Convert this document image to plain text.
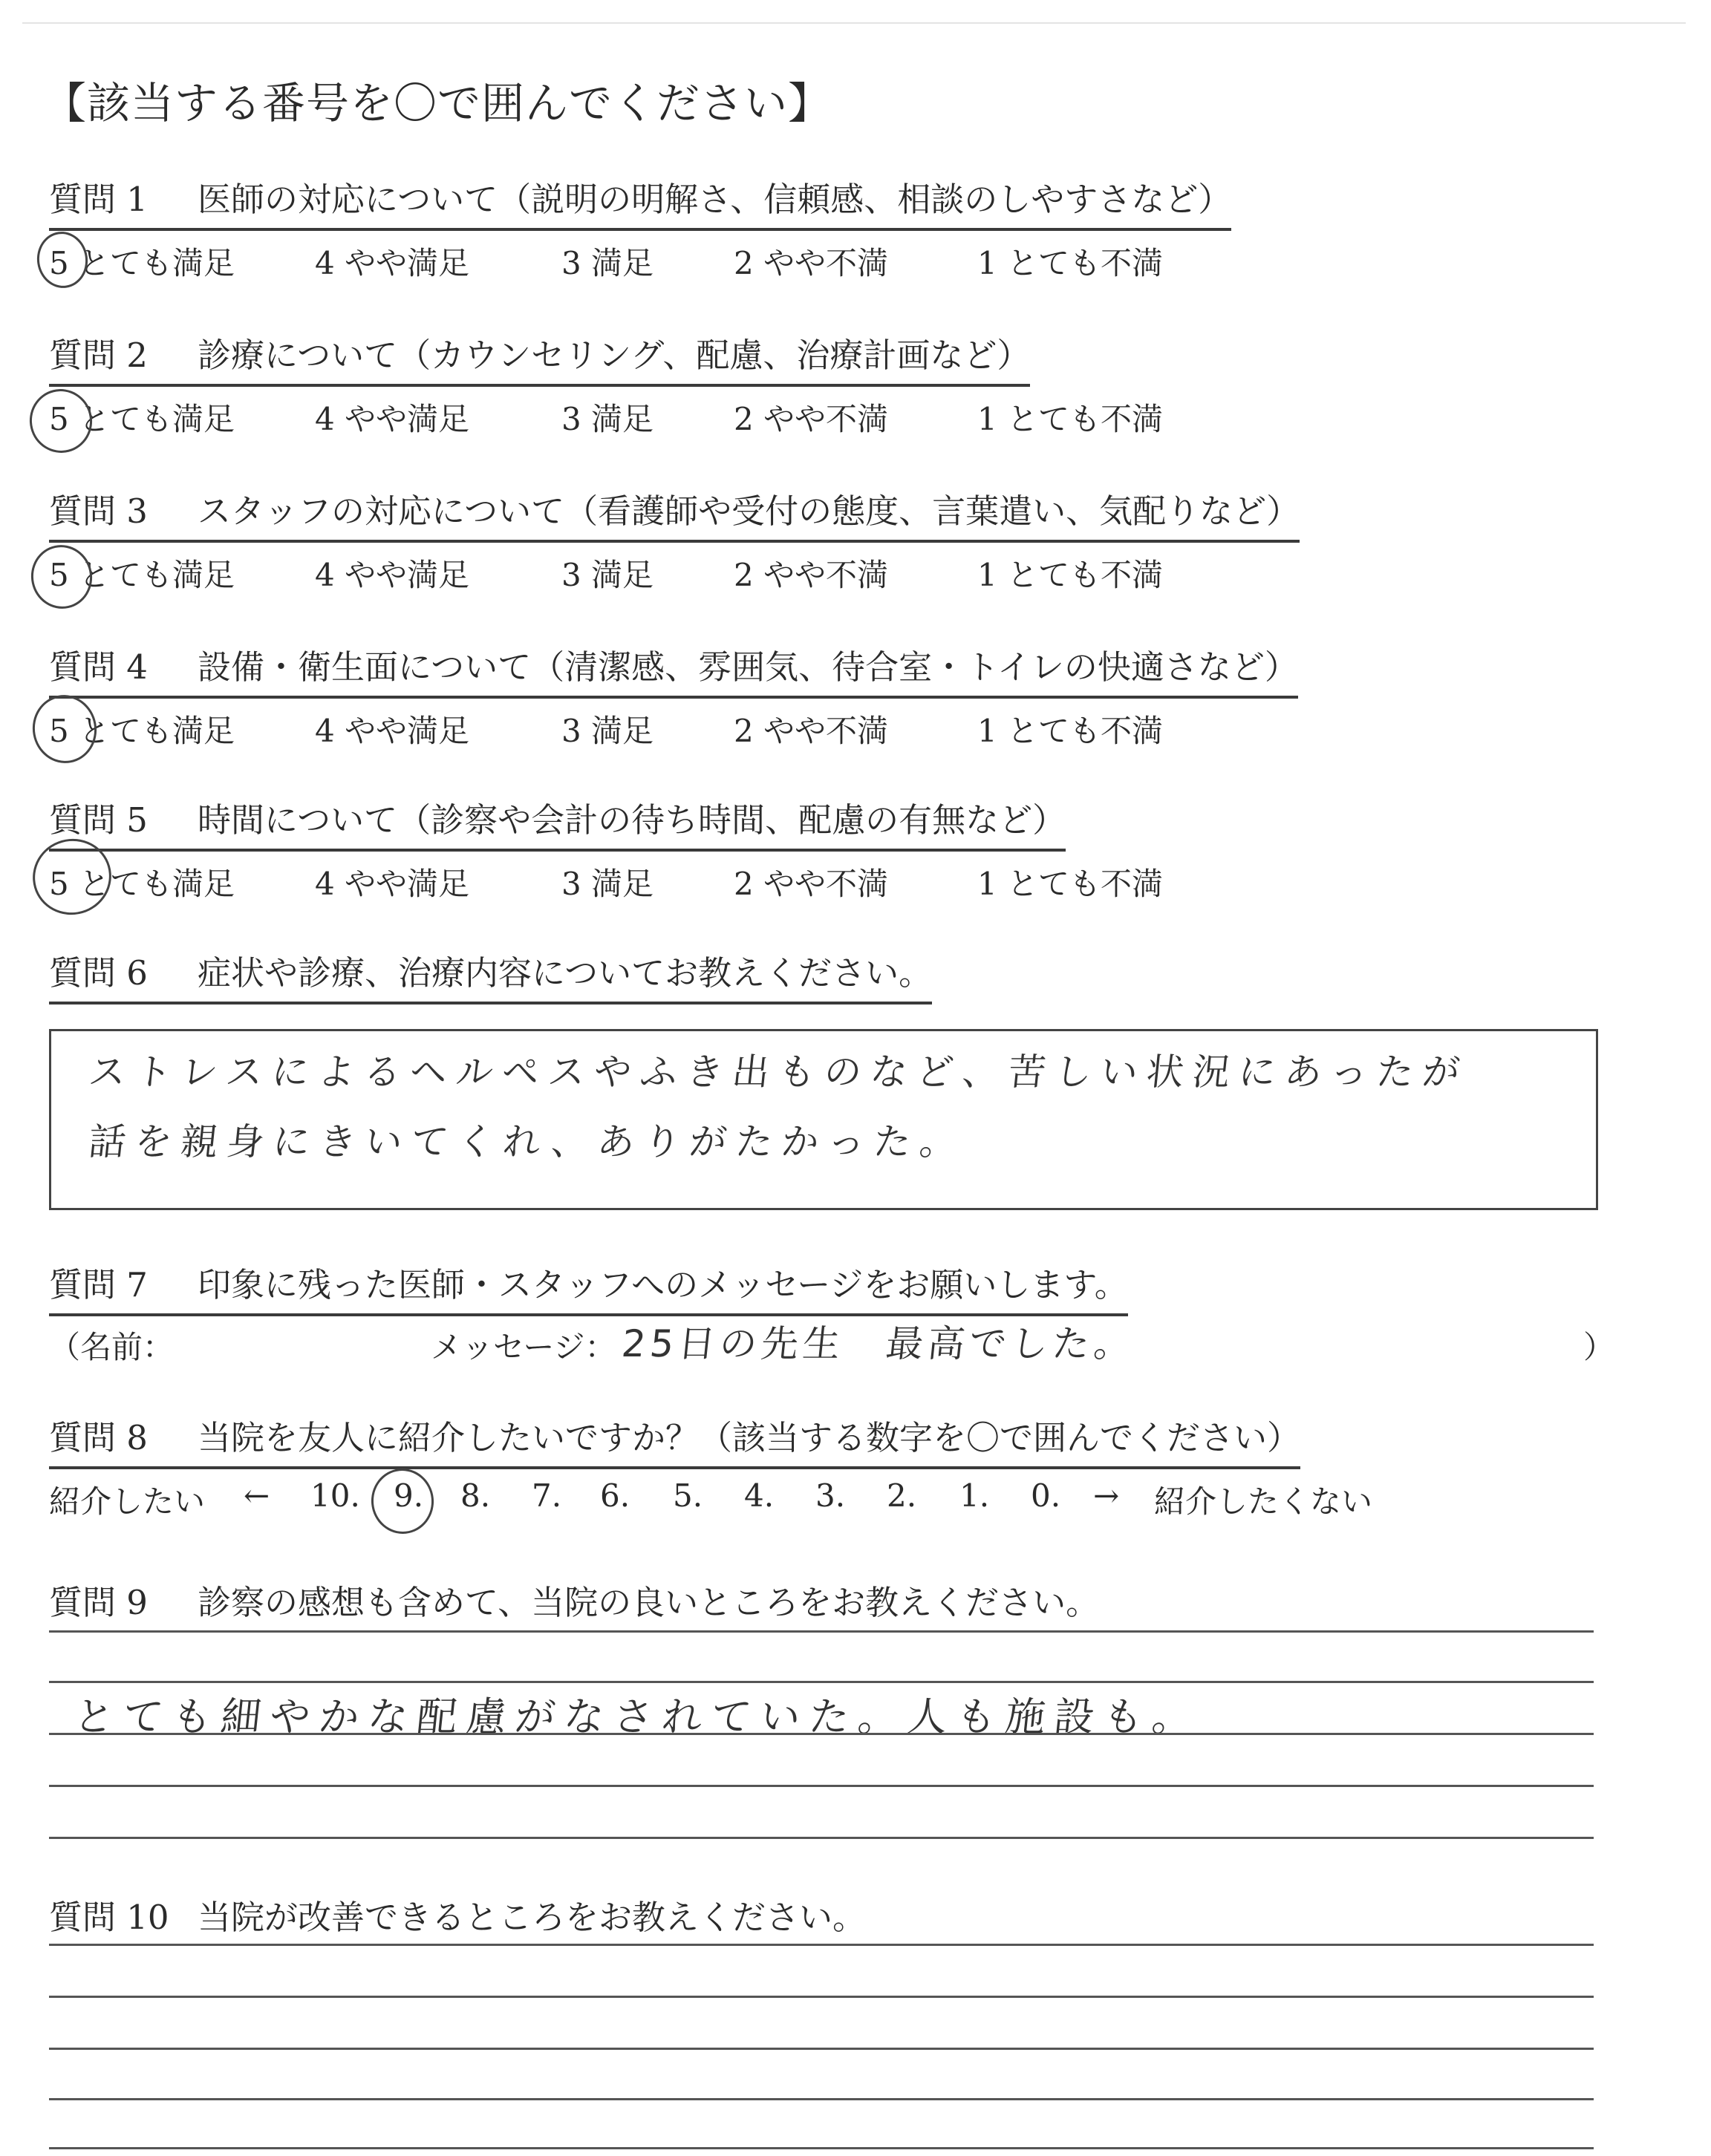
【該当する番号を〇で囲んでください】
質問 1 医師の対応について（説明の明解さ、信頼感、相談のしやすさなど）
5 とても満足	4 やや満足	3 満足	2 やや不満	1 とても不満
質問 2 診療について（カウンセリング、配慮、治療計画など）
5 とても満足	4 やや満足	3 満足	2 やや不満	1 とても不満
質問 3 スタッフの対応について（看護師や受付の態度、言葉遣い、気配りなど）
5 とても満足	4 やや満足	3 満足	2 やや不満	1 とても不満
質問 4 設備・衛生面について（清潔感、雰囲気、待合室・トイレの快適さなど）
5 とても満足	4 やや満足	3 満足	2 やや不満	1 とても不満
質問 5 時間について（診察や会計の待ち時間、配慮の有無など）
5 とても満足	4 やや満足	3 満足	2 やや不満	1 とても不満
質問 6 症状や診療、治療内容についてお教えください。
ストレスによるヘルペスやふき出ものなど、苦しい状況にあったが
話を親身にきいてくれ、ありがたかった。
質問 7 印象に残った医師・スタッフへのメッセージをお願いします。
（名前：	メッセージ： 25日の先生　最高でした。	）
質問 8 当院を友人に紹介したいですか？（該当する数字を〇で囲んでください）
紹介したい ← 10. 9. 8. 7. 6. 5. 4. 3. 2. 1. 0. → 紹介したくない
質問 9 診察の感想も含めて、当院の良いところをお教えください。
とても細やかな配慮がなされていた。人も施設も。
質問 10 当院が改善できるところをお教えください。
